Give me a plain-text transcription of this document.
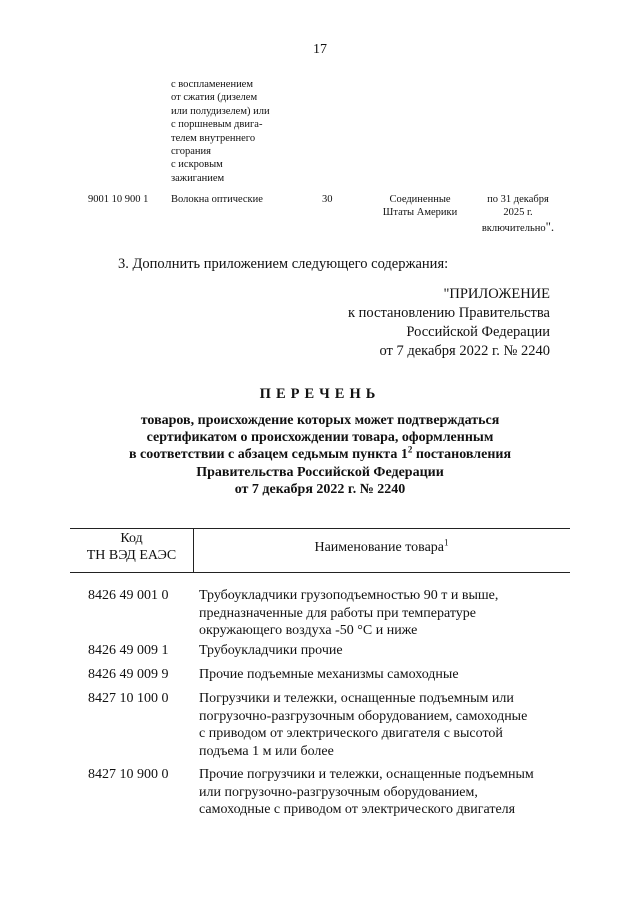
17
с воспламенением
от сжатия (дизелем
или полудизелем) или
с поршневым двига-
телем внутреннего
сгорания
с искровым
зажиганием
9001 10 900 1 Волокна оптические	30	Соединенные
Штаты Америки
по 31 декабря
2025 г.
включительно".
3. Дополнить приложением следующего содержания:
"ПРИЛОЖЕНИЕ
к постановлению Правительства
Российской Федерации
от 7 декабря 2022 г. № 2240
ПЕРЕЧЕНЬ
товаров, происхождение которых может подтверждаться
сертификатом о происхождении товара, оформленным
в соответствии с абзацем седьмым пункта $1^2$ постановления
Правительства Российской Федерации
от 7 декабря 2022 г. № 2240
Код
ТН ВЭД ЕАЭС
Наименование товара$^1$
8426 49 001 0 Трубоукладчики грузоподъемностью 90 т и выше,
предназначенные для работы при температуре
окружающего воздуха -50 °С и ниже
8426 49 009 1 Трубоукладчики прочие
8426 49 009 9 Прочие подъемные механизмы самоходные
8427 10 100 0 Погрузчики и тележки, оснащенные подъемным или
погрузочно-разгрузочным оборудованием, самоходные
с приводом от электрического двигателя с высотой
подъема 1 м или более
8427 10 900 0 Прочие погрузчики и тележки, оснащенные подъемным
или погрузочно-разгрузочным оборудованием,
самоходные с приводом от электрического двигателя
